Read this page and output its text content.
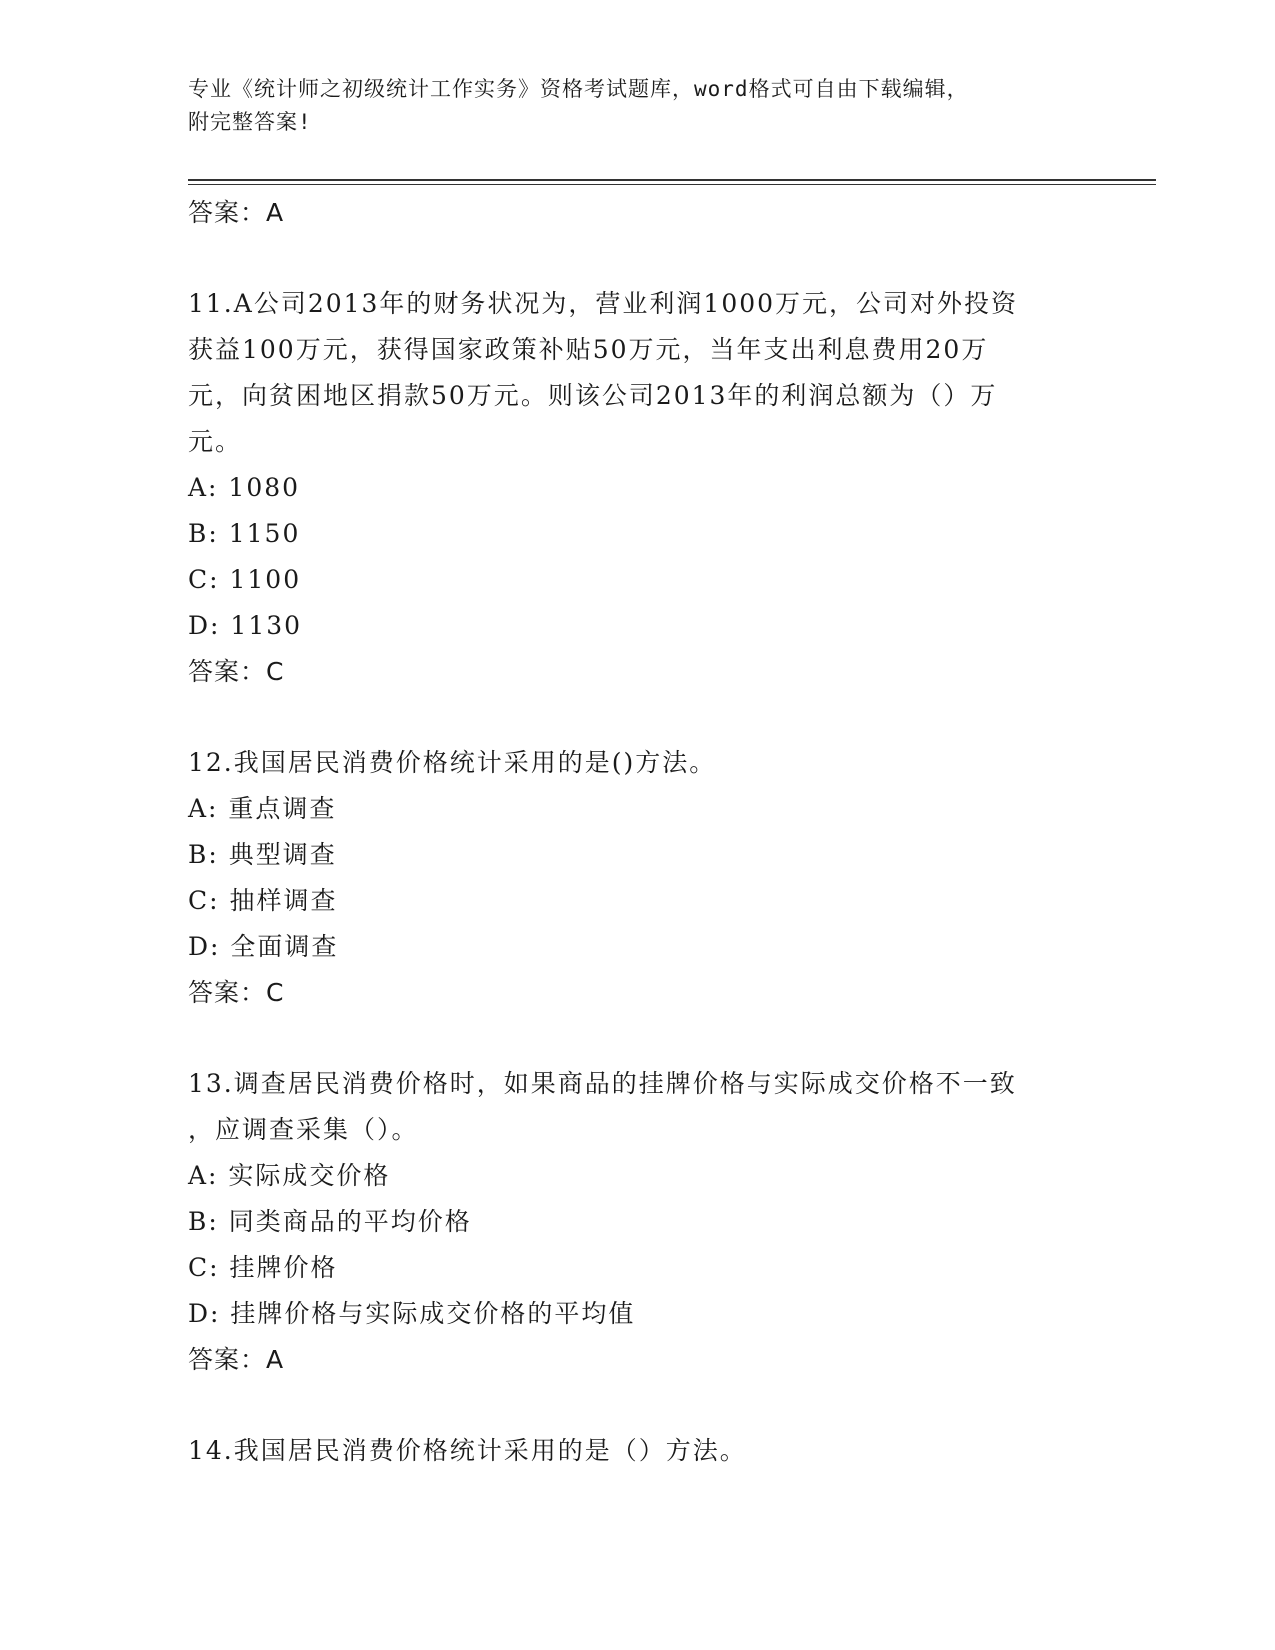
专业《统计师之初级统计工作实务》资格考试题库，word格式可自由下载编辑，
附完整答案!
答案：A
11.A公司2013年的财务状况为，营业利润1000万元，公司对外投资
获益100万元，获得国家政策补贴50万元，当年支出利息费用20万
元，向贫困地区捐款50万元。则该公司2013年的利润总额为（）万
元。
A: 1080
B: 1150
C: 1100
D: 1130
答案：C
12.我国居民消费价格统计采用的是()方法。
A: 重点调查
B: 典型调查
C: 抽样调查
D: 全面调查
答案：C
13.调查居民消费价格时，如果商品的挂牌价格与实际成交价格不一致
，应调查采集（）。
A: 实际成交价格
B: 同类商品的平均价格
C: 挂牌价格
D: 挂牌价格与实际成交价格的平均值
答案：A
14.我国居民消费价格统计采用的是（）方法。
